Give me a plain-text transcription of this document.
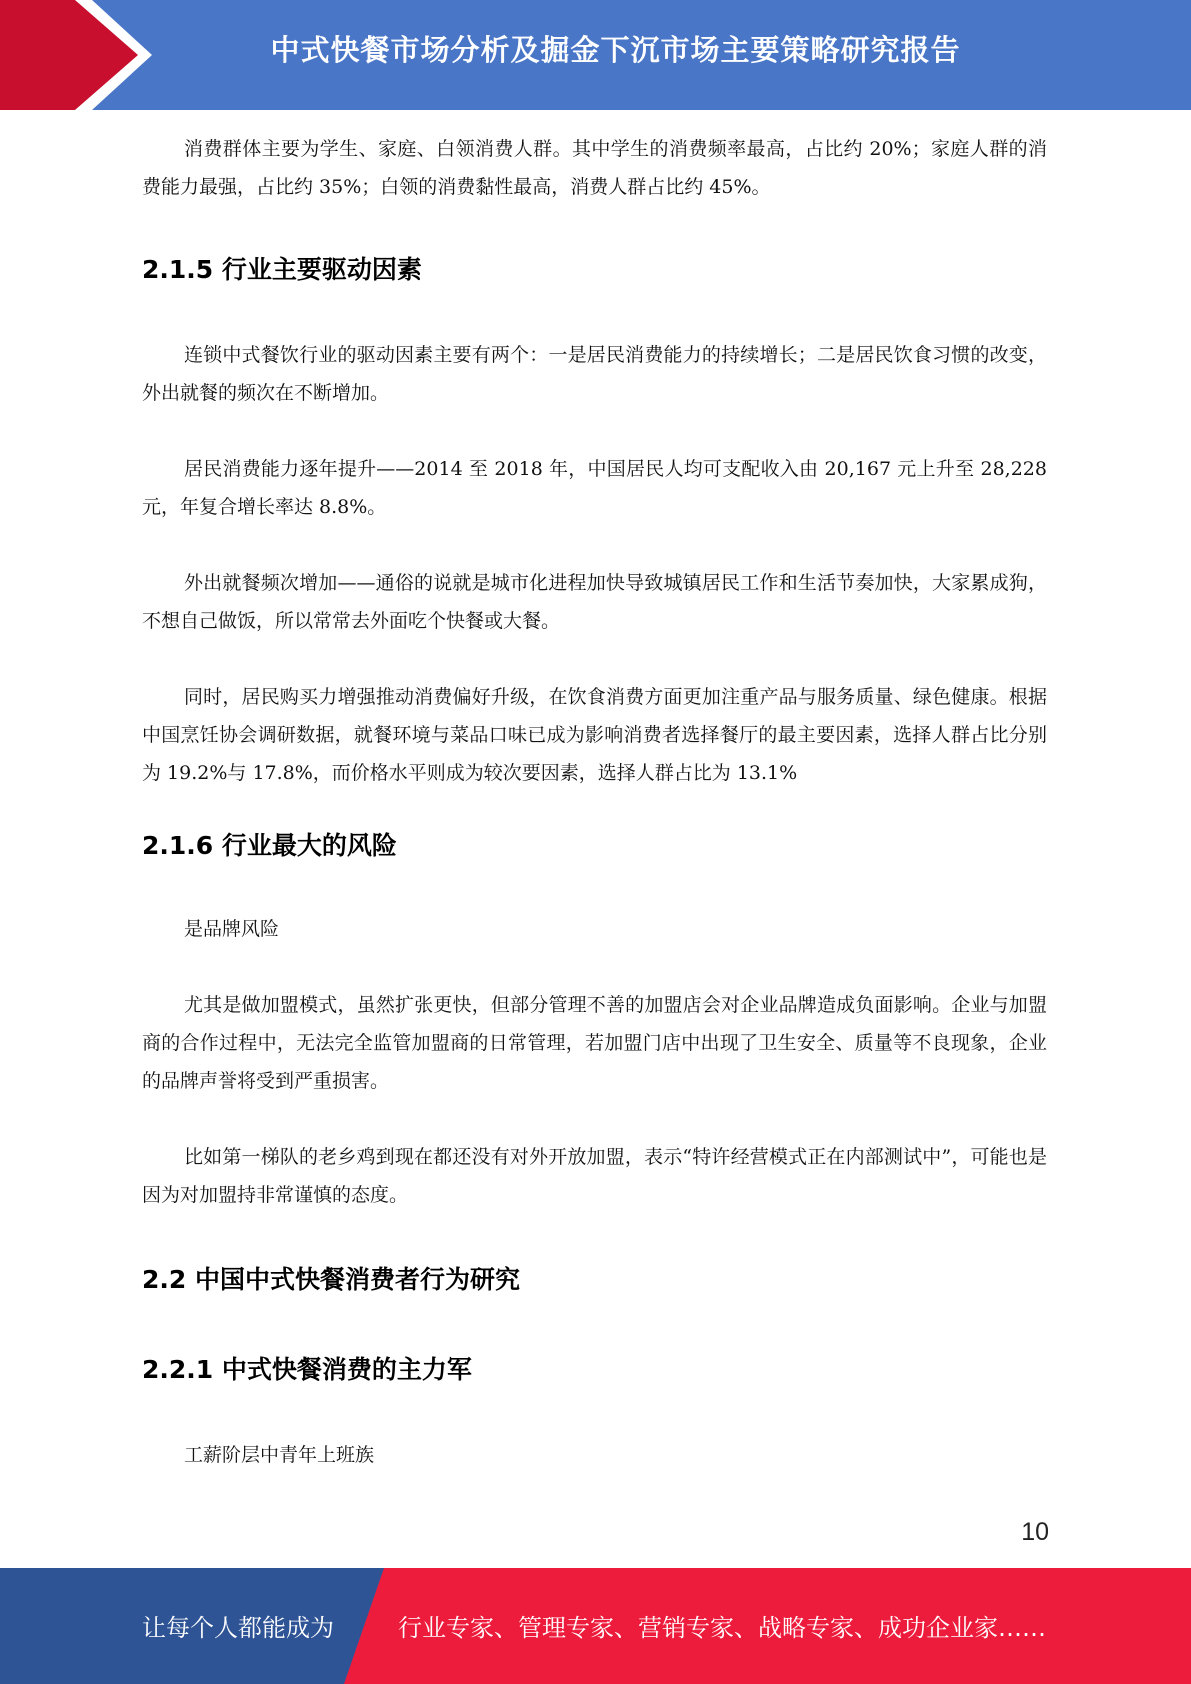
中式快餐市场分析及掘金下沉市场主要策略研究报告

消费群体主要为学生、家庭、白领消费人群。其中学生的消费频率最高，占比约 20%；家庭人群的消费能力最强，占比约 35%；白领的消费黏性最高，消费人群占比约 45%。

2.1.5 行业主要驱动因素

连锁中式餐饮行业的驱动因素主要有两个：一是居民消费能力的持续增长；二是居民饮食习惯的改变，外出就餐的频次在不断增加。

居民消费能力逐年提升——2014 至 2018 年，中国居民人均可支配收入由 20,167 元上升至 28,228 元，年复合增长率达 8.8%。

外出就餐频次增加——通俗的说就是城市化进程加快导致城镇居民工作和生活节奏加快，大家累成狗，不想自己做饭，所以常常去外面吃个快餐或大餐。

同时，居民购买力增强推动消费偏好升级，在饮食消费方面更加注重产品与服务质量、绿色健康。根据中国烹饪协会调研数据，就餐环境与菜品口味已成为影响消费者选择餐厅的最主要因素，选择人群占比分别为 19.2%与 17.8%，而价格水平则成为较次要因素，选择人群占比为 13.1%

2.1.6 行业最大的风险

是品牌风险

尤其是做加盟模式，虽然扩张更快，但部分管理不善的加盟店会对企业品牌造成负面影响。企业与加盟商的合作过程中，无法完全监管加盟商的日常管理，若加盟门店中出现了卫生安全、质量等不良现象，企业的品牌声誉将受到严重损害。

比如第一梯队的老乡鸡到现在都还没有对外开放加盟，表示“特许经营模式正在内部测试中”，可能也是因为对加盟持非常谨慎的态度。

2.2 中国中式快餐消费者行为研究
2.2.1 中式快餐消费的主力军

工薪阶层中青年上班族

10
让每个人都能成为	行业专家、管理专家、营销专家、战略专家、成功企业家……
